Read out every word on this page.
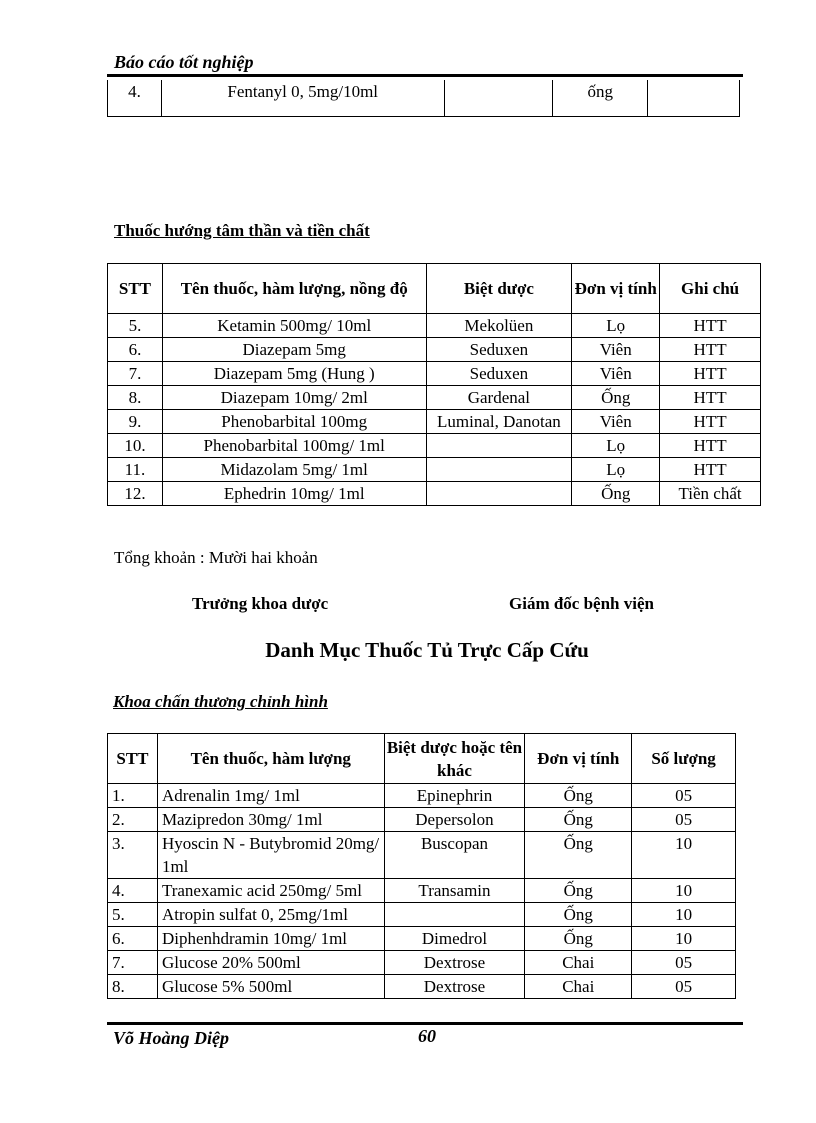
Báo cáo tốt nghiệp
4.	Fentanyl 0, 5mg/10ml		ống	
Thuốc hướng tâm thần và tiền chất
STT	Tên thuốc, hàm lượng, nồng độ	Biệt dược	Đơn vị tính	Ghi chú
5.	Ketamin 500mg/ 10ml	Mekolüen	Lọ	HTT
6.	Diazepam 5mg	Seduxen	Viên	HTT
7.	Diazepam 5mg (Hung )	Seduxen	Viên	HTT
8.	Diazepam 10mg/ 2ml	Gardenal	Ống	HTT
9.	Phenobarbital 100mg	Luminal, Danotan	Viên	HTT
10.	Phenobarbital 100mg/ 1ml		Lọ	HTT
11.	Midazolam 5mg/ 1ml		Lọ	HTT
12.	Ephedrin 10mg/ 1ml		Ống	Tiền chất
Tổng khoản : Mười hai khoản
Trưởng khoa dược	Giám đốc bệnh viện
Danh Mục Thuốc Tủ Trực Cấp Cứu
Khoa chấn thương chỉnh hình
STT	Tên thuốc, hàm lượng	Biệt dược hoặc tên khác	Đơn vị tính	Số lượng
1.	Adrenalin 1mg/ 1ml	Epinephrin	Ống	05
2.	Mazipredon 30mg/ 1ml	Depersolon	Ống	05
3.	Hyoscin N - Butybromid 20mg/ 1ml	Buscopan	Ống	10
4.	Tranexamic acid 250mg/ 5ml	Transamin	Ống	10
5.	Atropin sulfat 0, 25mg/1ml		Ống	10
6.	Diphenhdramin 10mg/ 1ml	Dimedrol	Ống	10
7.	Glucose 20% 500ml	Dextrose	Chai	05
8.	Glucose 5% 500ml	Dextrose	Chai	05
Võ Hoàng Diệp	60
